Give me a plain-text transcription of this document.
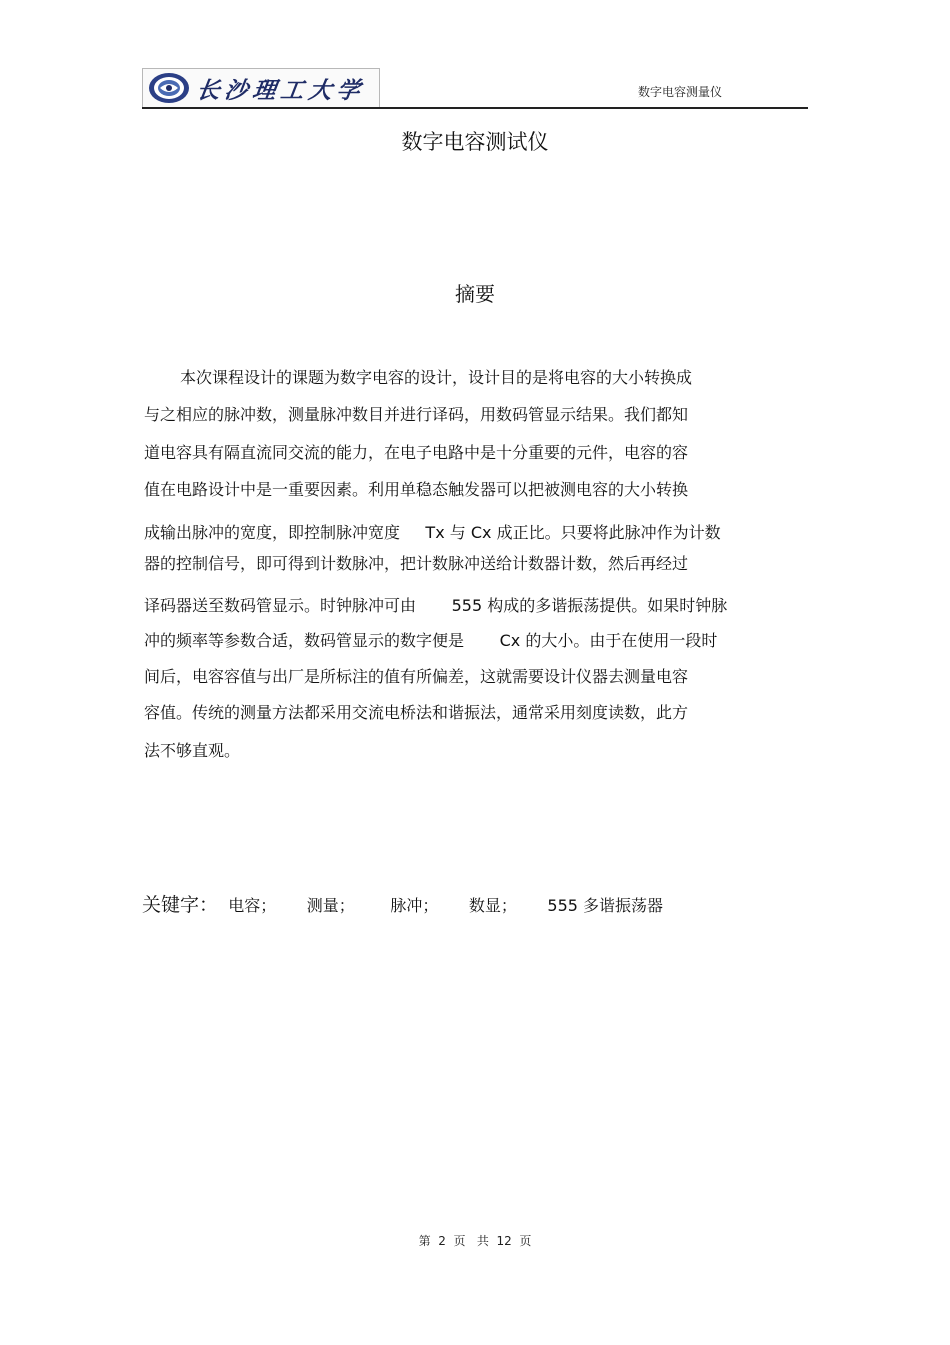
长沙理工大学	数字电容测量仪
数字电容测试仪
摘要
本次课程设计的课题为数字电容的设计，设计目的是将电容的大小转换成
与之相应的脉冲数，测量脉冲数目并进行译码，用数码管显示结果。我们都知
道电容具有隔直流同交流的能力，在电子电路中是十分重要的元件，电容的容
值在电路设计中是一重要因素。利用单稳态触发器可以把被测电容的大小转换
成输出脉冲的宽度，即控制脉冲宽度     Tx 与 Cx 成正比。只要将此脉冲作为计数
器的控制信号，即可得到计数脉冲，把计数脉冲送给计数器计数，然后再经过
译码器送至数码管显示。时钟脉冲可由       555 构成的多谐振荡提供。如果时钟脉
冲的频率等参数合适，数码管显示的数字便是       Cx 的大小。由于在使用一段时
间后，电容容值与出厂是所标注的值有所偏差，这就需要设计仪器去测量电容
容值。传统的测量方法都采用交流电桥法和谐振法，通常采用刻度读数，此方
法不够直观。
关键字： 电容； 测量； 脉冲； 数显； 555 多谐振荡器
第  2  页   共  12  页
